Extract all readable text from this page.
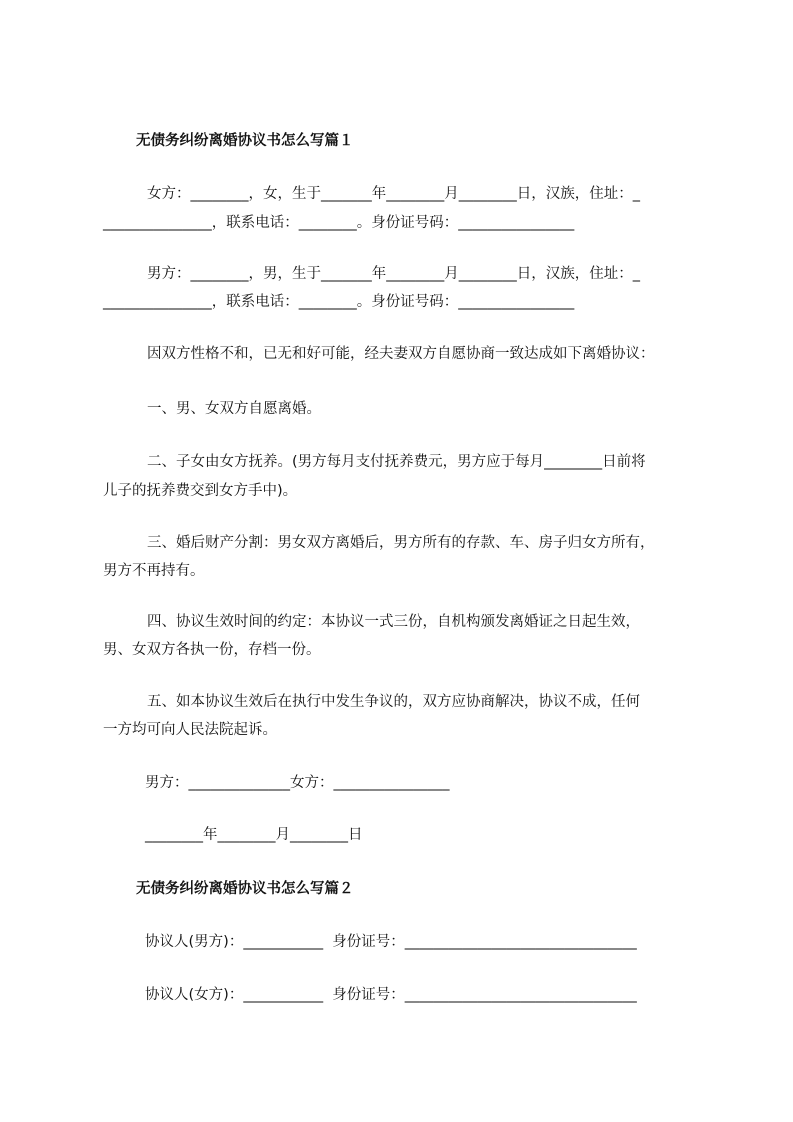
无债务纠纷离婚协议书怎么写篇１
女方：________，女，生于_______年________月________日，汉族，住址：_
_______________，联系电话：________。身份证号码：________________
男方：________，男，生于_______年________月________日，汉族，住址：_
_______________，联系电话：________。身份证号码：________________
因双方性格不和，已无和好可能，经夫妻双方自愿协商一致达成如下离婚协议：
一、男、女双方自愿离婚。
二、子女由女方抚养。(男方每月支付抚养费元，男方应于每月________日前将
儿子的抚养费交到女方手中)。
三、婚后财产分割：男女双方离婚后，男方所有的存款、车、房子归女方所有，
男方不再持有。
四、协议生效时间的约定：本协议一式三份，自机构颁发离婚证之日起生效，
男、女双方各执一份，存档一份。
五、如本协议生效后在执行中发生争议的，双方应协商解决，协议不成，任何
一方均可向人民法院起诉。
男方：______________女方：________________
________年________月________日
无债务纠纷离婚协议书怎么写篇２
协议人(男方)：___________  身份证号：________________________________
协议人(女方)：___________  身份证号：________________________________
